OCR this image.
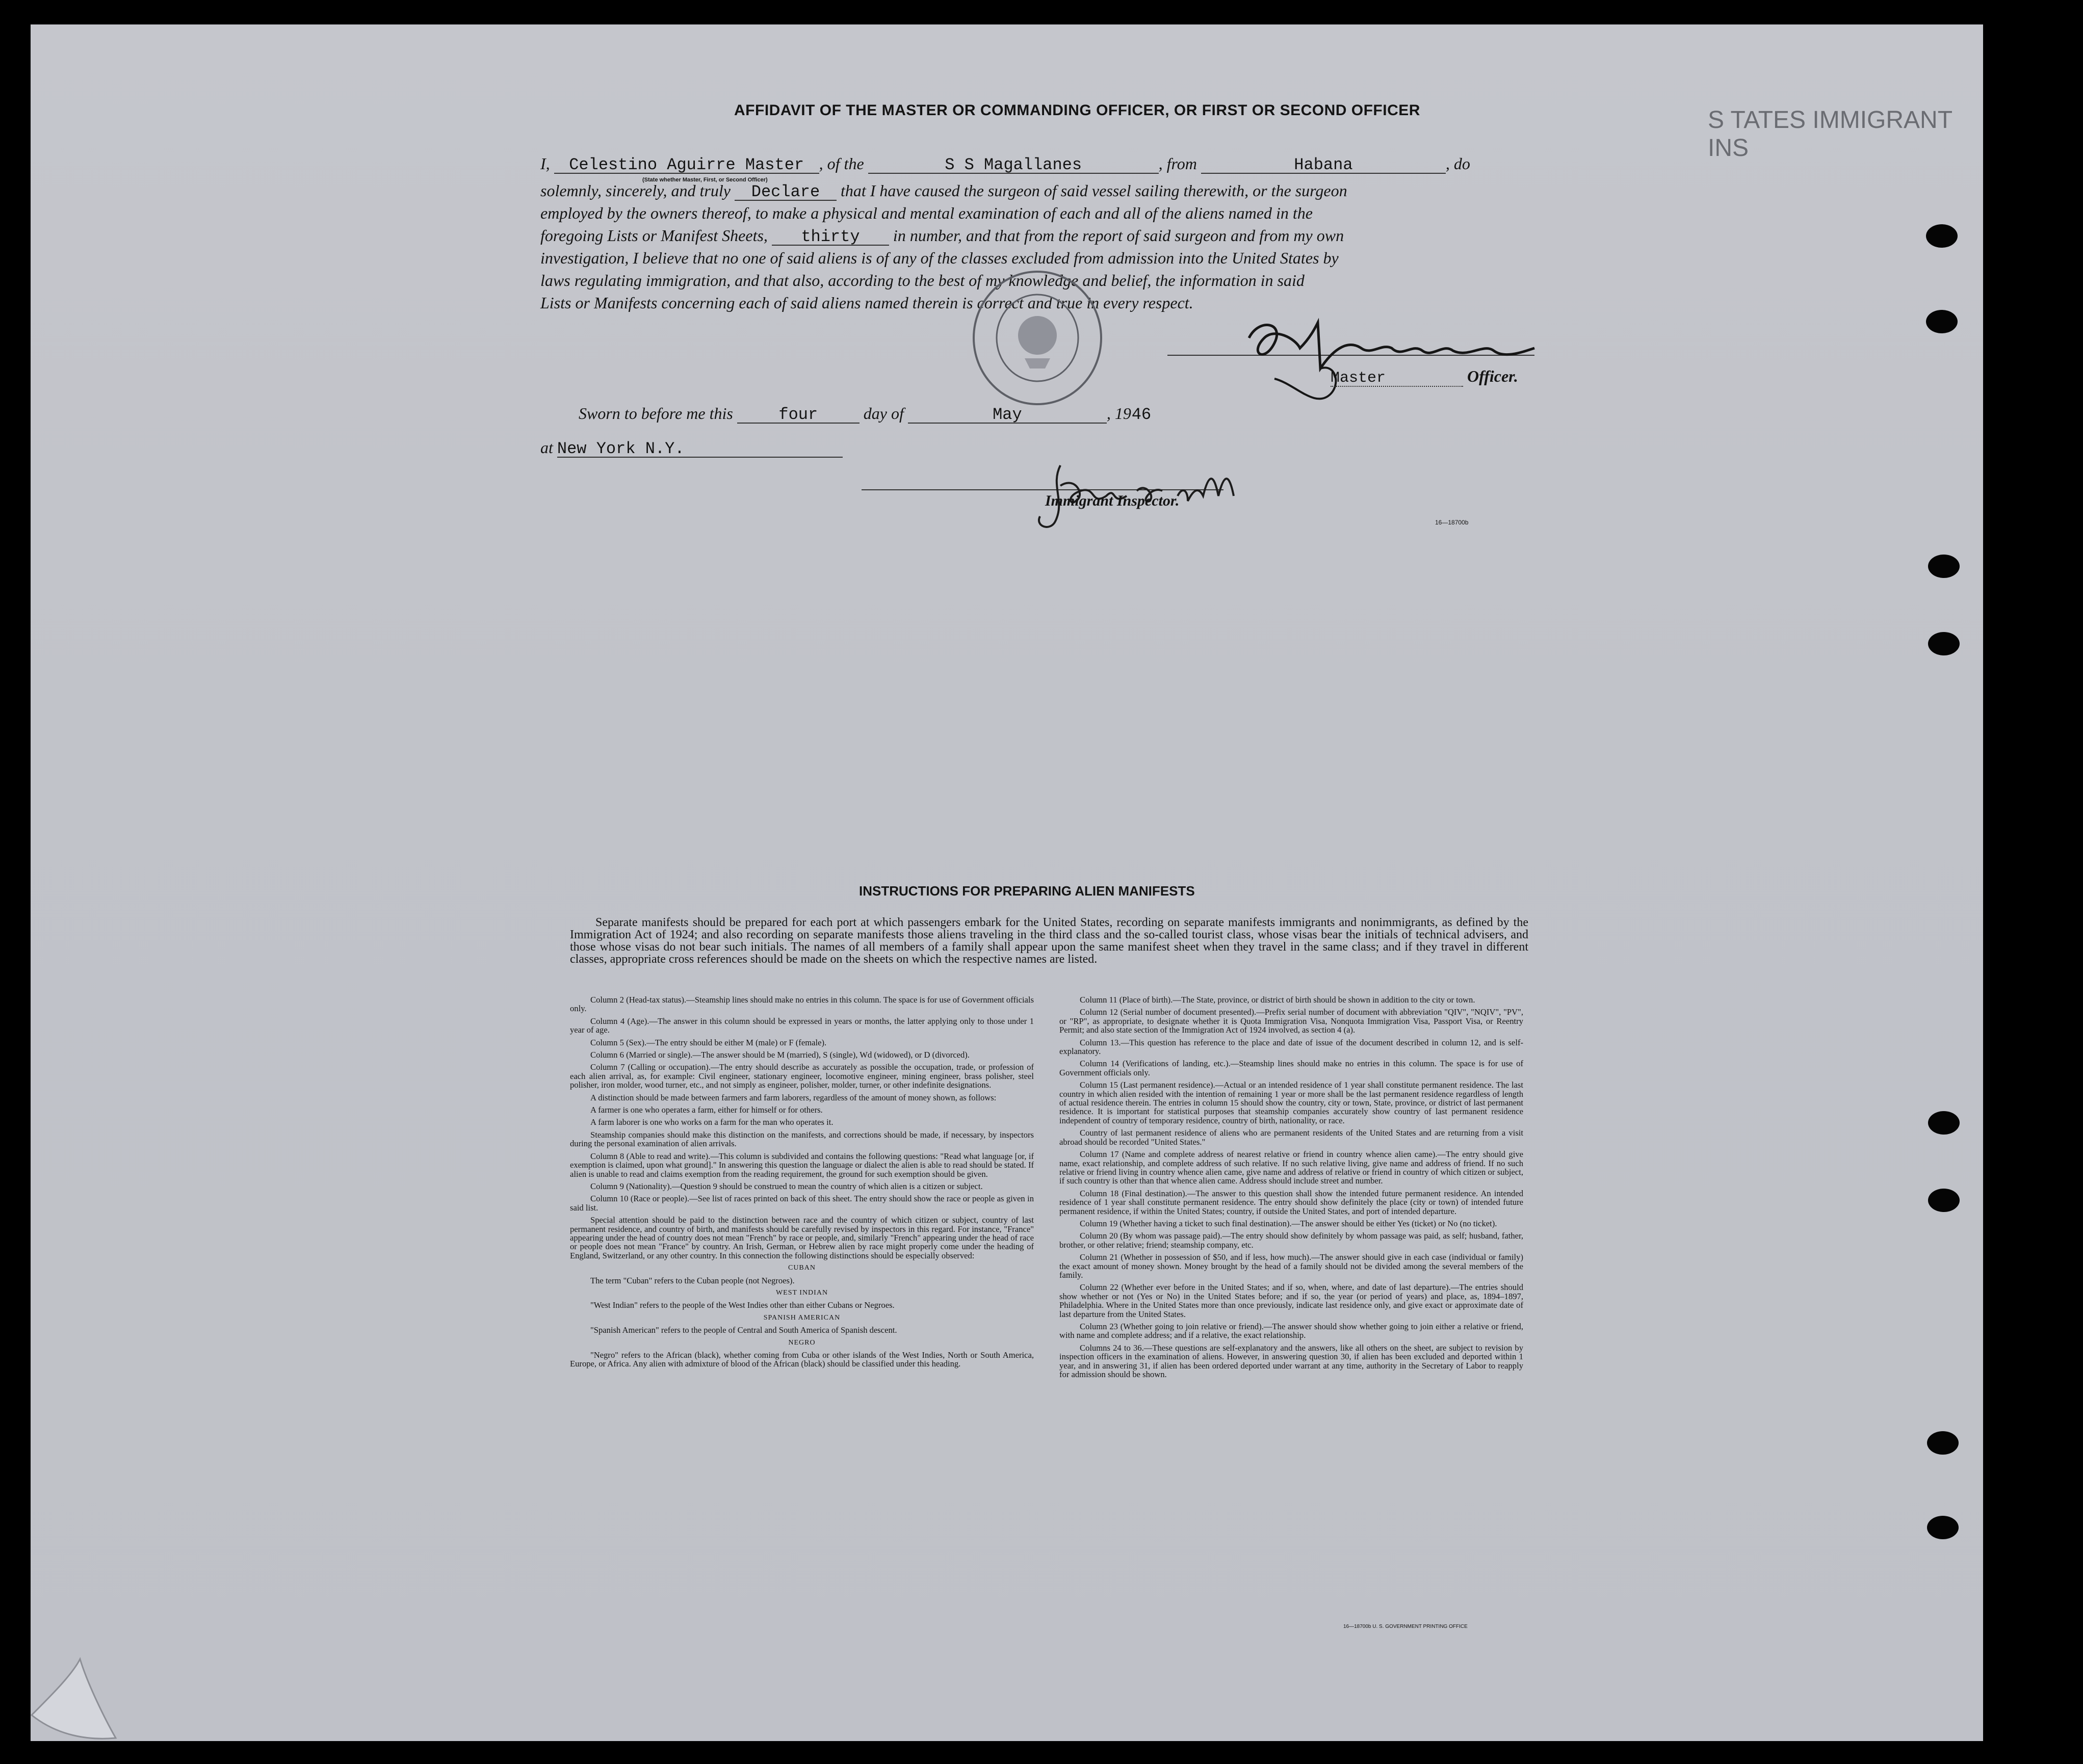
S TATES IMMIGRANT INS
AFFIDAVIT OF THE MASTER OR COMMANDING OFFICER, OR FIRST OR SECOND OFFICER
I, Celestino Aguirre Master , of the	S S Magallanes	, from	Habana	, do
(State whether Master, First, or Second Officer)
solemnly, sincerely, and truly Declare that I have caused the surgeon of said vessel sailing therewith, or the surgeon
employed by the owners thereof, to make a physical and mental examination of each and all of the aliens named in the
foregoing Lists or Manifest Sheets, thirty in number, and that from the report of said surgeon and from my own
investigation, I believe that no one of said aliens is of any of the classes excluded from admission into the United States by
laws regulating immigration, and that also, according to the best of my knowledge and belief, the information in said
Lists or Manifests concerning each of said aliens named therein is correct and true in every respect.
Master	Officer.
Sworn to before me this	four	day of	May	, 1946
at New York N.Y.
Immigrant Inspector.
16—18700b
INSTRUCTIONS FOR PREPARING ALIEN MANIFESTS
Separate manifests should be prepared for each port at which passengers embark for the United States, recording on separate manifests immigrants and nonimmigrants, as defined by the Immigration Act of 1924; and also recording on separate manifests those aliens traveling in the third class and the so-called tourist class, whose visas bear the initials of technical advisers, and those whose visas do not bear such initials. The names of all members of a family shall appear upon the same manifest sheet when they travel in the same class; and if they travel in different classes, appropriate cross references should be made on the sheets on which the respective names are listed.

Column 2 (Head-tax status).—Steamship lines should make no entries in this column. The space is for use of Government officials only.

Column 4 (Age).—The answer in this column should be expressed in years or months, the latter applying only to those under 1 year of age.

Column 5 (Sex).—The entry should be either M (male) or F (female).

Column 6 (Married or single).—The answer should be M (married), S (single), Wd (widowed), or D (divorced).

Column 7 (Calling or occupation).—The entry should describe as accurately as possible the occupation, trade, or profession of each alien arrival, as, for example: Civil engineer, stationary engineer, locomotive engineer, mining engineer, brass polisher, steel polisher, iron molder, wood turner, etc., and not simply as engineer, polisher, molder, turner, or other indefinite designations.

A distinction should be made between farmers and farm laborers, regardless of the amount of money shown, as follows:

A farmer is one who operates a farm, either for himself or for others.

A farm laborer is one who works on a farm for the man who operates it.

Steamship companies should make this distinction on the manifests, and corrections should be made, if necessary, by inspectors during the personal examination of alien arrivals.

Column 8 (Able to read and write).—This column is subdivided and contains the following questions: "Read what language [or, if exemption is claimed, upon what ground]." In answering this question the language or dialect the alien is able to read should be stated. If alien is unable to read and claims exemption from the reading requirement, the ground for such exemption should be given.

Column 9 (Nationality).—Question 9 should be construed to mean the country of which alien is a citizen or subject.

Column 10 (Race or people).—See list of races printed on back of this sheet. The entry should show the race or people as given in said list.

Special attention should be paid to the distinction between race and the country of which citizen or subject, country of last permanent residence, and country of birth, and manifests should be carefully revised by inspectors in this regard. For instance, "France" appearing under the head of country does not mean "French" by race or people, and, similarly "French" appearing under the head of race or people does not mean "France" by country. An Irish, German, or Hebrew alien by race might properly come under the heading of England, Switzerland, or any other country. In this connection the following distinctions should be especially observed:

CUBAN

The term "Cuban" refers to the Cuban people (not Negroes).

WEST INDIAN

"West Indian" refers to the people of the West Indies other than either Cubans or Negroes.

SPANISH AMERICAN

"Spanish American" refers to the people of Central and South America of Spanish descent.

NEGRO

"Negro" refers to the African (black), whether coming from Cuba or other islands of the West Indies, North or South America, Europe, or Africa. Any alien with admixture of blood of the African (black) should be classified under this heading.

Column 11 (Place of birth).—The State, province, or district of birth should be shown in addition to the city or town.

Column 12 (Serial number of document presented).—Prefix serial number of document with abbreviation "QIV", "NQIV", "PV", or "RP", as appropriate, to designate whether it is Quota Immigration Visa, Nonquota Immigration Visa, Passport Visa, or Reentry Permit; and also state section of the Immigration Act of 1924 involved, as section 4 (a).

Column 13.—This question has reference to the place and date of issue of the document described in column 12, and is self-explanatory.

Column 14 (Verifications of landing, etc.).—Steamship lines should make no entries in this column. The space is for use of Government officials only.

Column 15 (Last permanent residence).—Actual or an intended residence of 1 year shall constitute permanent residence. The last country in which alien resided with the intention of remaining 1 year or more shall be the last permanent residence regardless of length of actual residence therein. The entries in column 15 should show the country, city or town, State, province, or district of last permanent residence. It is important for statistical purposes that steamship companies accurately show country of last permanent residence independent of country of temporary residence, country of birth, nationality, or race.

Country of last permanent residence of aliens who are permanent residents of the United States and are returning from a visit abroad should be recorded "United States."

Column 17 (Name and complete address of nearest relative or friend in country whence alien came).—The entry should give name, exact relationship, and complete address of such relative. If no such relative living, give name and address of friend. If no such relative or friend living in country whence alien came, give name and address of relative or friend in country of which citizen or subject, if such country is other than that whence alien came. Address should include street and number.

Column 18 (Final destination).—The answer to this question shall show the intended future permanent residence. An intended residence of 1 year shall constitute permanent residence. The entry should show definitely the place (city or town) of intended future permanent residence, if within the United States; country, if outside the United States, and port of intended departure.

Column 19 (Whether having a ticket to such final destination).—The answer should be either Yes (ticket) or No (no ticket).

Column 20 (By whom was passage paid).—The entry should show definitely by whom passage was paid, as self; husband, father, brother, or other relative; friend; steamship company, etc.

Column 21 (Whether in possession of $50, and if less, how much).—The answer should give in each case (individual or family) the exact amount of money shown. Money brought by the head of a family should not be divided among the several members of the family.

Column 22 (Whether ever before in the United States; and if so, when, where, and date of last departure).—The entries should show whether or not (Yes or No) in the United States before; and if so, the year (or period of years) and place, as, 1894–1897, Philadelphia. Where in the United States more than once previously, indicate last residence only, and give exact or approximate date of last departure from the United States.

Column 23 (Whether going to join relative or friend).—The answer should show whether going to join either a relative or friend, with name and complete address; and if a relative, the exact relationship.

Columns 24 to 36.—These questions are self-explanatory and the answers, like all others on the sheet, are subject to revision by inspection officers in the examination of aliens. However, in answering question 30, if alien has been excluded and deported within 1 year, and in answering 31, if alien has been ordered deported under warrant at any time, authority in the Secretary of Labor to reapply for admission should be shown.

16—18700b U. S. GOVERNMENT PRINTING OFFICE
